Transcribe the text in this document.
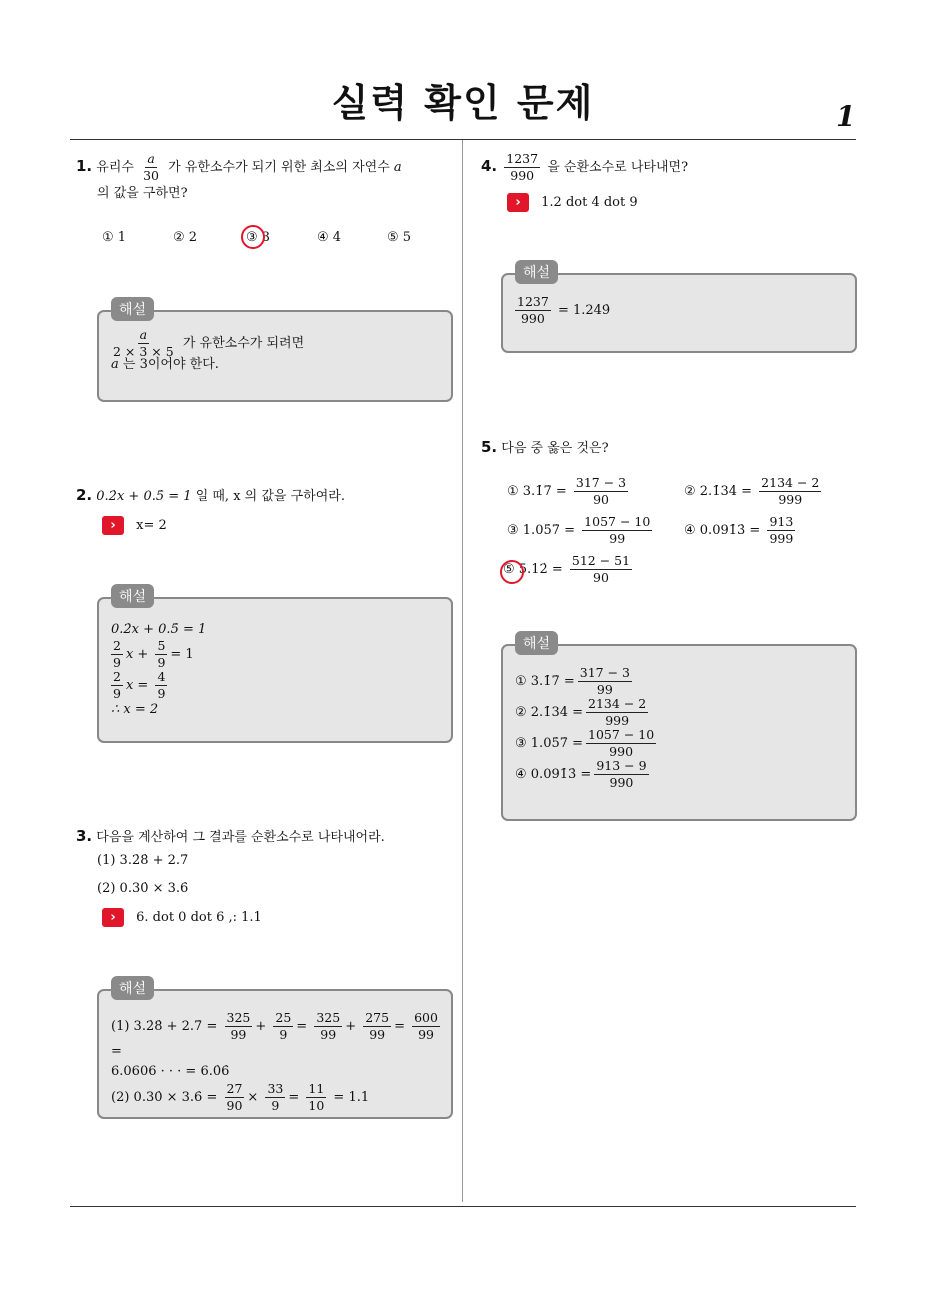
실력 확인 문제	1
1. 유리수 $\frac{a}{30}$ 가 유한소수가 되기 위한 최소의 자연수 a
의 값을 구하면?
① 1	② 2	③ 3	④ 4	⑤ 5
해설
$\frac{a}{2 \times 3 \times 5}$ 가 유한소수가 되려면
a 는 3이어야 한다.
2. 0.2̇x + 0.5̇ = 1 일 때, x 의 값을 구하여라.
› x= 2
해설
0.2̇x + 0.5̇ = 1
$\frac{2}{9}$ $x + \frac{5}{9} = 1$
$\frac{2}{9}$ $x = \frac{4}{9}$
∴ x = 2
3. 다음을 계산하여 그 결과를 순환소수로 나타내어라.
(1) 3.2̇8̇ + 2.7̇
(2) 0.30̇ × 3.6̇
› 6. dot 0 dot 6 ,: 1.1
해설
(1) 3.2̇8̇ + 2.7̇ = $\frac{325}{99} + \frac{25}{9} = \frac{325}{99} + \frac{275}{99} = \frac{600}{99}$
=
6.0606 · · · = 6.0̇6̇
(2) 0.30̇ × 3.6̇ = $\frac{27}{90} \times \frac{33}{9} = \frac{11}{10} = 1.1$
4. $\frac{1237}{990}$ 을 순환소수로 나타내면?
› 1.2 dot 4 dot 9
해설
$\frac{1237}{990}$ = 1.24̇9̇
5. 다음 중 옳은 것은?
① 3.1̇7̇ = $\frac{317 - 3}{90}$	② 2.1̇34̇ = $\frac{2134 - 2}{999}$
③ 1.05̇7̇ = $\frac{1057 - 10}{99}$ ④ 0.091̇3̇ = $\frac{913}{999}$
⑤ 5.12̇ = $\frac{512 - 51}{90}$
해설
① 3.1̇7̇ = $\frac{317 - 3}{99}$
② 2.1̇34̇ = $\frac{2134 - 2}{999}$
③ 1.05̇7̇ = $\frac{1057 - 10}{990}$
④ 0.091̇3̇ = $\frac{913 - 9}{990}$
